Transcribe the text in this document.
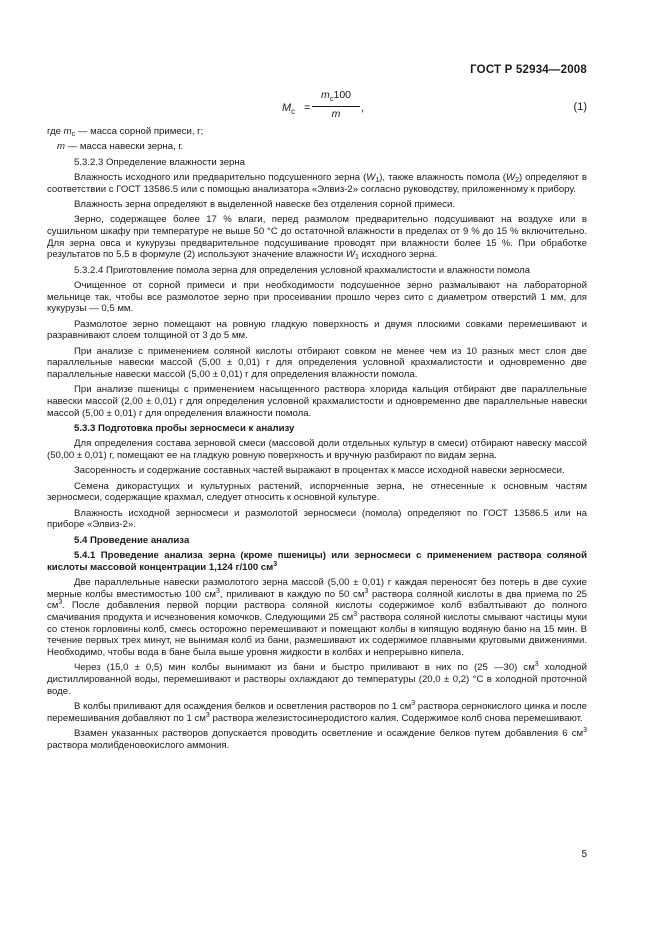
ГОСТ Р 52934—2008
$M_c$ =
$m_c100$
m	,	(1)

где $m_c$ — масса сорной примеси, г;

m — масса навески зерна, г.

5.3.2.3 Определение влажности зерна

Влажность исходного или предварительно подсушенного зерна $(W_1)$, также влажность помола $(W_2)$ определяют в соответствии с ГОСТ 13586.5 или с помощью анализатора «Элвиз-2» согласно руководству, приложенному к прибору.

Влажность зерна определяют в выделенной навеске без отделения сорной примеси.

Зерно, содержащее более 17 % влаги, перед размолом предварительно подсушивают на воздухе или в сушильном шкафу при температуре не выше 50 °С до остаточной влажности в пределах от 9 % до 15 % включительно. Для зерна овса и кукурузы предварительное подсушивание проводят при влажности более 15 %. При обработке результатов по 5.5 в формуле (2) используют значение влажности $W_1$ исходного зерна.

5.3.2.4 Приготовление помола зерна для определения условной крахмалистости и влажности помола

Очищенное от сорной примеси и при необходимости подсушенное зерно размалывают на лабораторной мельнице так, чтобы все размолотое зерно при просеивании прошло через сито с диаметром отверстий 1 мм, для кукурузы — 0,5 мм.

Размолотое зерно помещают на ровную гладкую поверхность и двумя плоскими совками перемешивают и разравнивают слоем толщиной от 3 до 5 мм.

При анализе с применением соляной кислоты отбирают совком не менее чем из 10 разных мест слоя две параллельные навески массой (5,00 ± 0,01) г для определения условной крахмалистости и одновременно две параллельные навески массой (5,00 ± 0,01) г для определения влажности помола.

При анализе пшеницы с применением насыщенного раствора хлорида кальция отбирают две параллельные навески массой (2,00 ± 0,01) г для определения условной крахмалистости и одновременно две параллельные навески массой (5,00 ± 0,01) г для определения влажности помола.

5.3.3 Подготовка пробы зерносмеси к анализу

Для определения состава зерновой смеси (массовой доли отдельных культур в смеси) отбирают навеску массой (50,00 ± 0,01) г, помещают ее на гладкую ровную поверхность и вручную разбирают по видам зерна.

Засоренность и содержание составных частей выражают в процентах к массе исходной навески зерносмеси.

Семена дикорастущих и культурных растений, испорченные зерна, не отнесенные к основным частям зерносмеси, содержащие крахмал, следует относить к основной культуре.

Влажность исходной зерносмеси и размолотой зерносмеси (помола) определяют по ГОСТ 13586.5 или на приборе «Элвиз-2».

5.4 Проведение анализа

5.4.1 Проведение анализа зерна (кроме пшеницы) или зерносмеси с применением раствора соляной кислоты массовой концентрации 1,124 г/100 $см^3$

Две параллельные навески размолотого зерна массой (5,00 ± 0,01) г каждая переносят без потерь в две сухие мерные колбы вместимостью 100 $см^3$, приливают в каждую по 50 $см^3$ раствора соляной кислоты в два приема по 25 $см^3$. После добавления первой порции раствора соляной кислоты содержимое колб взбалтывают до полного смачивания продукта и исчезновения комочков. Следующими 25 $см^3$ раствора соляной кислоты смывают частицы муки со стенок горловины колб, смесь осторожно перемешивают и помещают колбы в кипящую водяную баню на 15 мин. В течение первых трех минут, не вынимая колб из бани, размешивают их содержимое плавными круговыми движениями. Необходимо, чтобы вода в бане была выше уровня жидкости в колбах и непрерывно кипела.

Через (15,0 ± 0,5) мин колбы вынимают из бани и быстро приливают в них по (25 —30) $см^3$ холодной дистиллированной воды, перемешивают и растворы охлаждают до температуры (20,0 ± 0,2) °С в холодной проточной воде.

В колбы приливают для осаждения белков и осветления растворов по 1 $см^3$ раствора сернокислого цинка и после перемешивания добавляют по 1 $см^3$ раствора железистосинеродистого калия. Содержимое колб снова перемешивают.

Взамен указанных растворов допускается проводить осветление и осаждение белков путем добавления 6 $см^3$ раствора молибденовокислого аммония.

5
